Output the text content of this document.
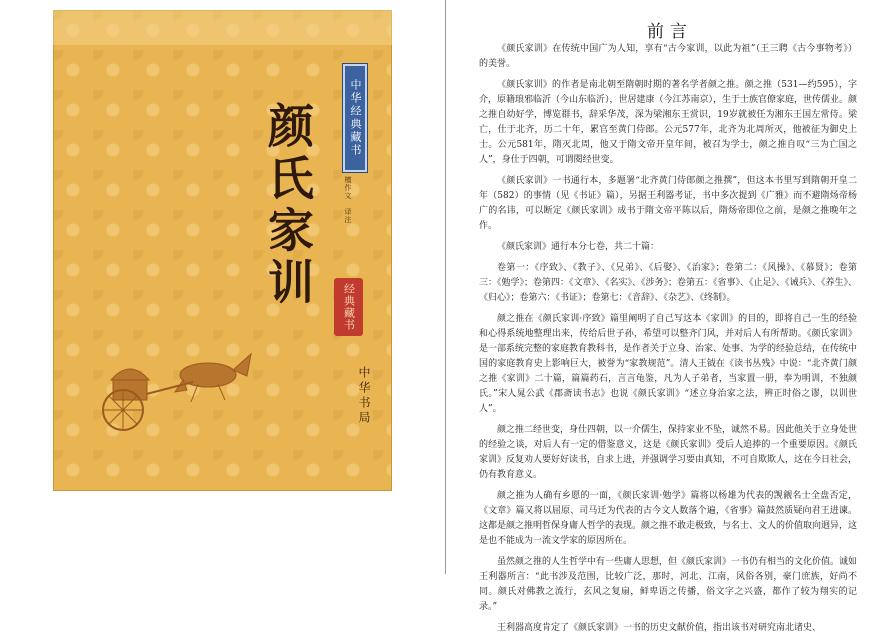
中华经典藏书
颜氏家训	檀作文　译注
经典藏书
中华书局
前言

《颜氏家训》在传统中国广为人知，享有“古今家训，以此为祖”（王三聘《古今事物考》）的美誉。

《颜氏家训》的作者是南北朝至隋朝时期的著名学者颜之推。颜之推（531—约595），字介，原籍琅邪临沂（今山东临沂），世居建康（今江苏南京），生于士族官僚家庭，世传儒业。颜之推自幼好学，博览群书，辞采华茂，深为梁湘东王赏识，19岁就被任为湘东王国左常侍。梁亡，仕于北齐，历二十年，累官至黄门侍郎。公元577年，北齐为北周所灭，他被征为御史上士。公元581年，隋灭北周，他又于隋文帝开皇年间，被召为学士，颜之推自叹“三为亡国之人”，身仕于四朝，可谓閱经世变。

《颜氏家训》一书通行本，多题署“北齐黄门侍郎颜之推撰”，但这本书里写到隋朝开皇二年（582）的事情（见《书证》篇），另据王利器考证，书中多次提到《广雅》而不避隋炀帝杨广的名讳，可以断定《颜氏家训》成书于隋文帝平陈以后，隋炀帝即位之前，是颜之推晚年之作。

《颜氏家训》通行本分七卷，共二十篇：

卷第一：《序致》、《教子》、《兄弟》、《后娶》、《治家》；卷第二：《风操》、《慕贤》；卷第三：《勉学》；卷第四：《文章》、《名实》、《涉务》；卷第五：《省事》、《止足》、《诫兵》、《养生》、《归心》；卷第六：《书证》；卷第七：《音辞》、《杂艺》、《终制》。

颜之推在《颜氏家训·序致》篇里阐明了自己写这本《家训》的目的，即将自己一生的经验和心得系统地整理出来，传给后世子孙，希望可以整齐门风，并对后人有所帮助。《颜氏家训》是一部系统完整的家庭教育教科书，是作者关于立身、治家、处事、为学的经验总结，在传统中国的家庭教育史上影响巨大，被誉为“家教规范”。清人王钺在《读书丛残》中说：“北齐黄门颜之推《家训》二十篇，篇篇药石，言言龟鉴，凡为人子弟者，当家置一册，奉为明训，不独颜氏。”宋人晁公武《郡斋读书志》也说《颜氏家训》“述立身治家之法，辨正时俗之谬，以训世人”。

颜之推二经世变，身仕四朝，以一介儒生，保持家业不坠，诚然不易。因此他关于立身处世的经验之谈，对后人有一定的借鉴意义，这是《颜氏家训》受后人追捧的一个重要原因。《颜氏家训》反复劝人要好好读书，自求上进，并强调学习要由真知，不可自欺欺人，这在今日社会，仍有教育意义。

颜之推为人确有乡愿的一面，《颜氏家训·勉学》篇将以杨雄为代表的觊觎名士全盘否定，《文章》篇又将以屈原、司马迁为代表的古今文人数落个遍，《省事》篇鼓然质疑向君王进谏。这都是颜之推明哲保身庸人哲学的表现。颜之推不敢走极致，与名士、文人的价值取向迥异，这是也不能成为一流文学家的原因所在。

虽然颜之推的人生哲学中有一些庸人思想，但《颜氏家训》一书仍有相当的文化价值。诚如王利器所言：“此书涉及范围，比较广泛，那时，河北、江南，风俗各别，豪门庶族，好尚不同。颜氏对佛教之流行，玄风之复扇，鲜卑语之传播，俗文字之兴盛，都作了较为翔实的记录。”

王利器高度肯定了《颜氏家训》一书的历史文献价值，指出该书对研究南北诸史、
